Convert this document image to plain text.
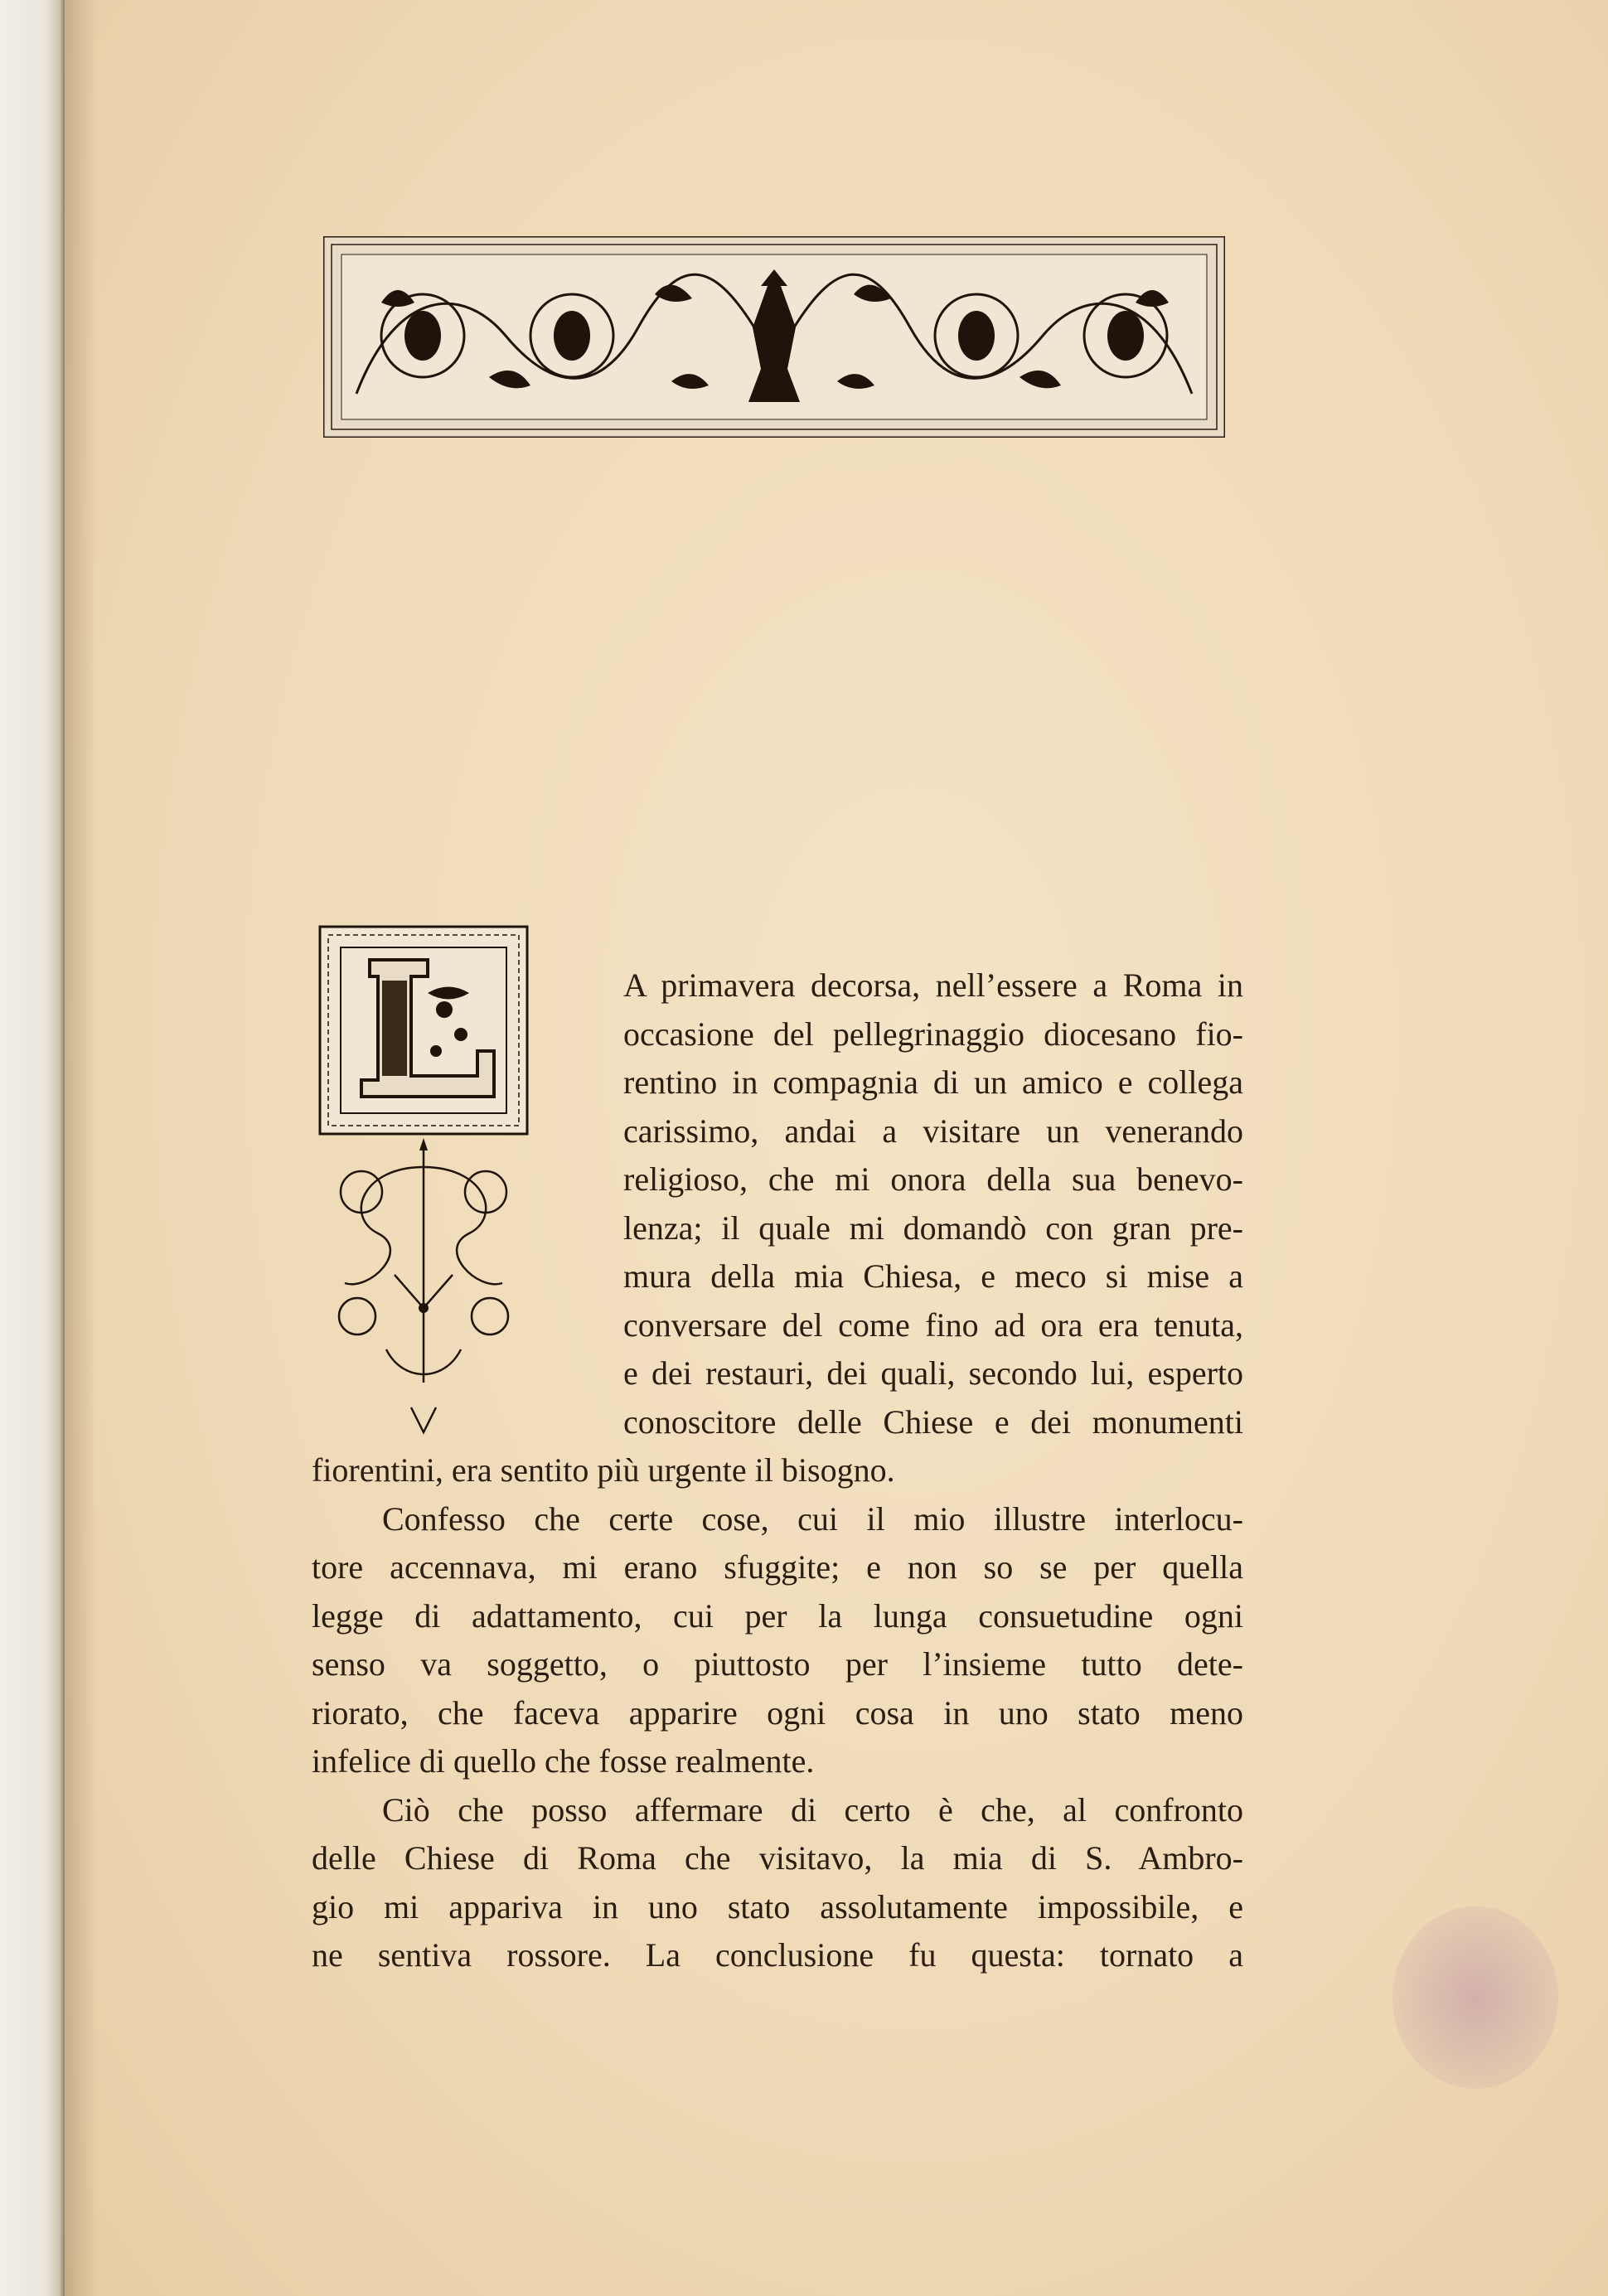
A primavera decorsa, nell’essere a Roma in
occasione del pellegrinaggio diocesano fio-
rentino in compagnia di un amico e collega
carissimo, andai a visitare un venerando
religioso, che mi onora della sua benevo-
lenza; il quale mi domandò con gran pre-
mura della mia Chiesa, e meco si mise a
conversare del come fino ad ora era tenuta,
e dei restauri, dei quali, secondo lui, esperto
conoscitore delle Chiese e dei monumenti
fiorentini, era sentito più urgente il bisogno.
Confesso che certe cose, cui il mio illustre interlocu-
tore accennava, mi erano sfuggite; e non so se per quella
legge di adattamento, cui per la lunga consuetudine ogni
senso va soggetto, o piuttosto per l’insieme tutto dete-
riorato, che faceva apparire ogni cosa in uno stato meno
infelice di quello che fosse realmente.
Ciò che posso affermare di certo è che, al confronto
delle Chiese di Roma che visitavo, la mia di S. Ambro-
gio mi appariva in uno stato assolutamente impossibile, e
ne sentiva rossore. La conclusione fu questa: tornato a
